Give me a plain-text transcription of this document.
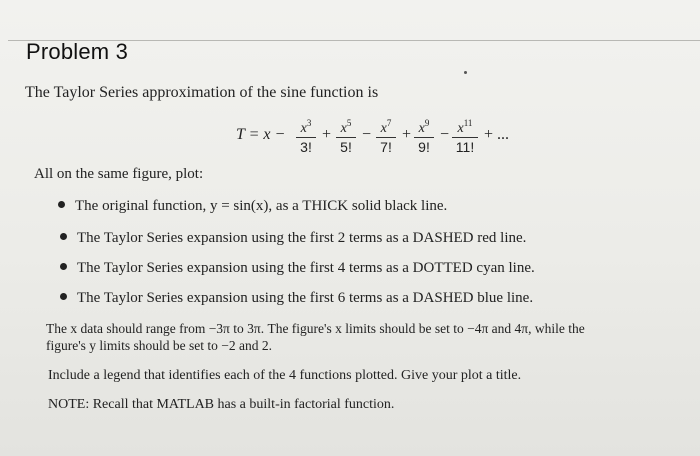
Problem 3
The Taylor Series approximation of the sine function is
T = x −	$x^3$
3!
+ $x^5$
5!
− $x^7$
7!
+ $x^9$
9!
− $x^{11}$
11!
+ ...
All on the same figure, plot:
The original function, y = sin(x), as a THICK solid black line.
The Taylor Series expansion using the first 2 terms as a DASHED red line.
The Taylor Series expansion using the first 4 terms as a DOTTED cyan line.
The Taylor Series expansion using the first 6 terms as a DASHED blue line.
The x data should range from −3π to 3π. The figure's x limits should be set to −4π and 4π, while the
figure's y limits should be set to −2 and 2.
Include a legend that identifies each of the 4 functions plotted. Give your plot a title.
NOTE: Recall that MATLAB has a built-in factorial function.
